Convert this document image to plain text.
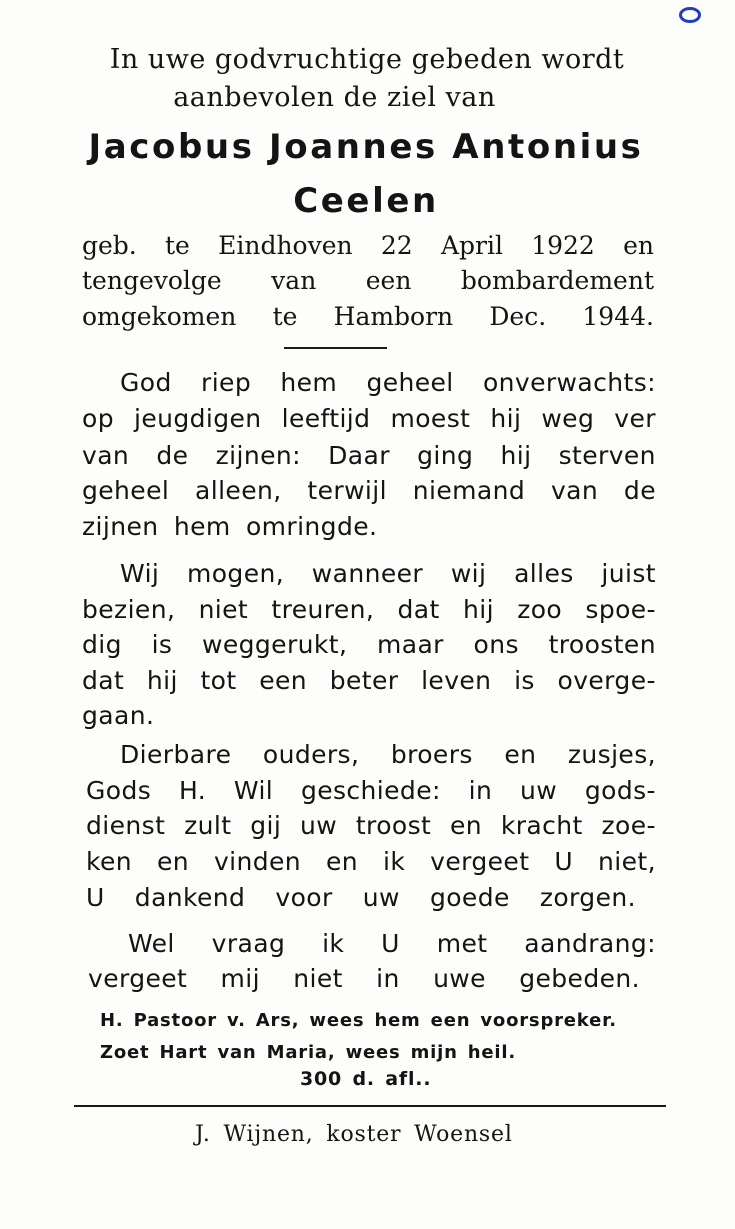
In uwe godvruchtige gebeden wordt
aanbevolen de ziel van
Jacobus Joannes Antonius
Ceelen
geb. te Eindhoven 22 April 1922 en
tengevolge van een bombardement
omgekomen te Hamborn Dec. 1944.
God riep hem geheel onverwachts:
op jeugdigen leeftijd moest hij weg ver
van de zijnen: Daar ging hij sterven
geheel alleen, terwijl niemand van de
zijnen hem omringde.
Wij mogen, wanneer wij alles juist
bezien, niet treuren, dat hij zoo spoe-
dig is weggerukt, maar ons troosten
dat hij tot een beter leven is overge-
gaan.
Dierbare ouders, broers en zusjes,
Gods H. Wil geschiede: in uw gods-
dienst zult gij uw troost en kracht zoe-
ken en vinden en ik vergeet U niet,
U dankend voor uw goede zorgen.
Wel vraag ik U met aandrang:
vergeet mij niet in uwe gebeden.
H. Pastoor v. Ars, wees hem een voorspreker.
Zoet Hart van Maria, wees mijn heil.
300 d. afl..
J. Wijnen, koster Woensel
